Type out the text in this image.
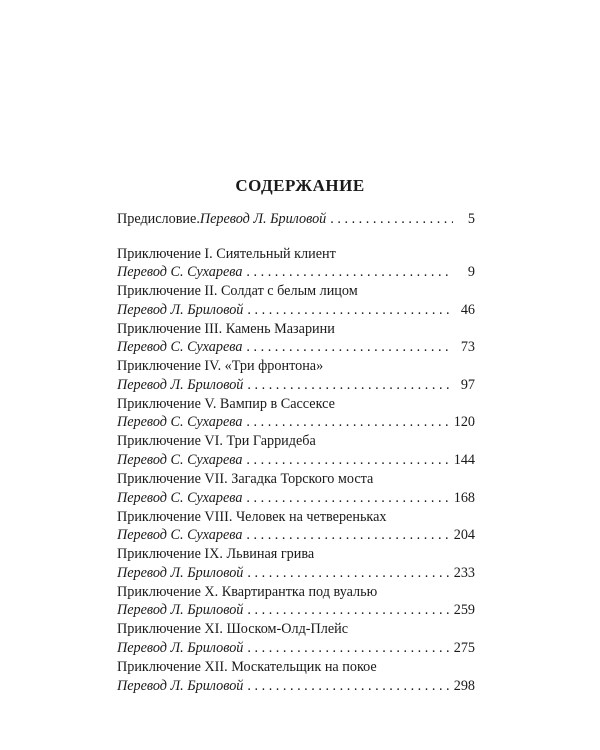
СОДЕРЖАНИЕ
Предисловие. Перевод Л. Бриловой . . .	5
Приключение I. Сиятельный клиент
Перевод С. Сухарева . . .	9
Приключение II. Солдат с белым лицом
Перевод Л. Бриловой . . .	46
Приключение III. Камень Мазарини
Перевод С. Сухарева . . .	73
Приключение IV. «Три фронтона»
Перевод Л. Бриловой . . .	97
Приключение V. Вампир в Сассексе
Перевод С. Сухарева . . .	120
Приключение VI. Три Гарридеба
Перевод С. Сухарева . . .	144
Приключение VII. Загадка Торского моста
Перевод С. Сухарева . . .	168
Приключение VIII. Человек на четвереньках
Перевод С. Сухарева . . .	204
Приключение IX. Львиная грива
Перевод Л. Бриловой . . .	233
Приключение X. Квартирантка под вуалью
Перевод Л. Бриловой . . .	259
Приключение XI. Шоском-Олд-Плейс
Перевод Л. Бриловой . . .	275
Приключение XII. Москательщик на покое
Перевод Л. Бриловой . . .	298
